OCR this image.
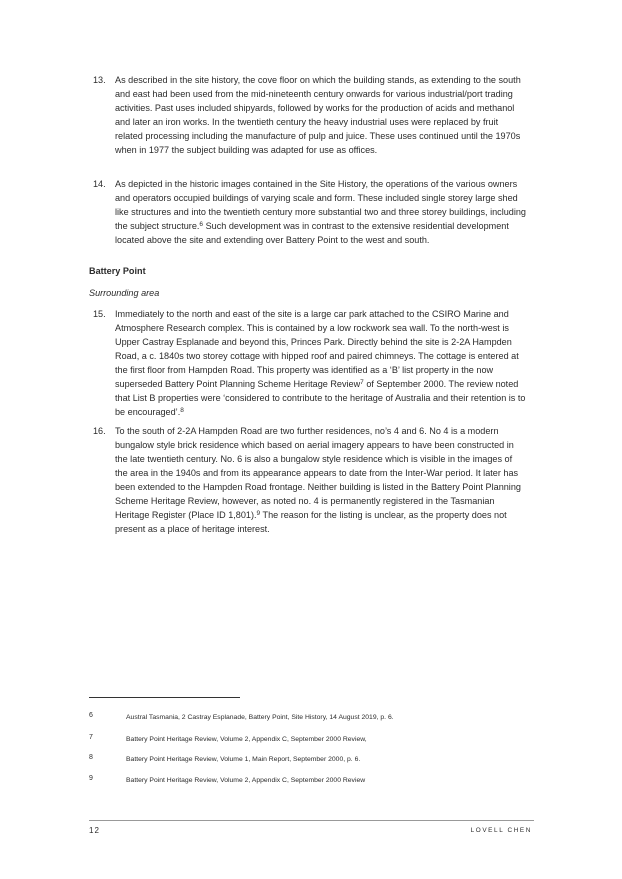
13. As described in the site history, the cove floor on which the building stands, as extending to the south and east had been used from the mid-nineteenth century onwards for various industrial/port trading activities. Past uses included shipyards, followed by works for the production of acids and methanol and later an iron works. In the twentieth century the heavy industrial uses were replaced by fruit related processing including the manufacture of pulp and juice. These uses continued until the 1970s when in 1977 the subject building was adapted for use as offices.

14. As depicted in the historic images contained in the Site History, the operations of the various owners and operators occupied buildings of varying scale and form. These included single storey large shed like structures and into the twentieth century more substantial two and three storey buildings, including the subject structure.$^6$ Such development was in contrast to the extensive residential development located above the site and extending over Battery Point to the west and south.

Battery Point

Surrounding area

15. Immediately to the north and east of the site is a large car park attached to the CSIRO Marine and Atmosphere Research complex. This is contained by a low rockwork sea wall. To the north-west is Upper Castray Esplanade and beyond this, Princes Park. Directly behind the site is 2-2A Hampden Road, a c. 1840s two storey cottage with hipped roof and paired chimneys. The cottage is entered at the first floor from Hampden Road. This property was identified as a ‘B’ list property in the now superseded Battery Point Planning Scheme Heritage Review$^7$ of September 2000. The review noted that List B properties were ‘considered to contribute to the heritage of Australia and their retention is to be encouraged’.$^8$

16. To the south of 2-2A Hampden Road are two further residences, no’s 4 and 6. No 4 is a modern bungalow style brick residence which based on aerial imagery appears to have been constructed in the late twentieth century. No. 6 is also a bungalow style residence which is visible in the images of the area in the 1940s and from its appearance appears to date from the Inter-War period. It later has been extended to the Hampden Road frontage. Neither building is listed in the Battery Point Planning Scheme Heritage Review, however, as noted no. 4 is permanently registered in the Tasmanian Heritage Register (Place ID 1,801).$^9$ The reason for the listing is unclear, as the property does not present as a place of heritage interest.

6	Austral Tasmania, 2 Castray Esplanade, Battery Point, Site History, 14 August 2019, p. 6.
7	Battery Point Heritage Review, Volume 2, Appendix C, September 2000 Review,
8	Battery Point Heritage Review, Volume 1, Main Report, September 2000, p. 6.
9	Battery Point Heritage Review, Volume 2, Appendix C, September 2000 Review
12	LOVELL CHEN
